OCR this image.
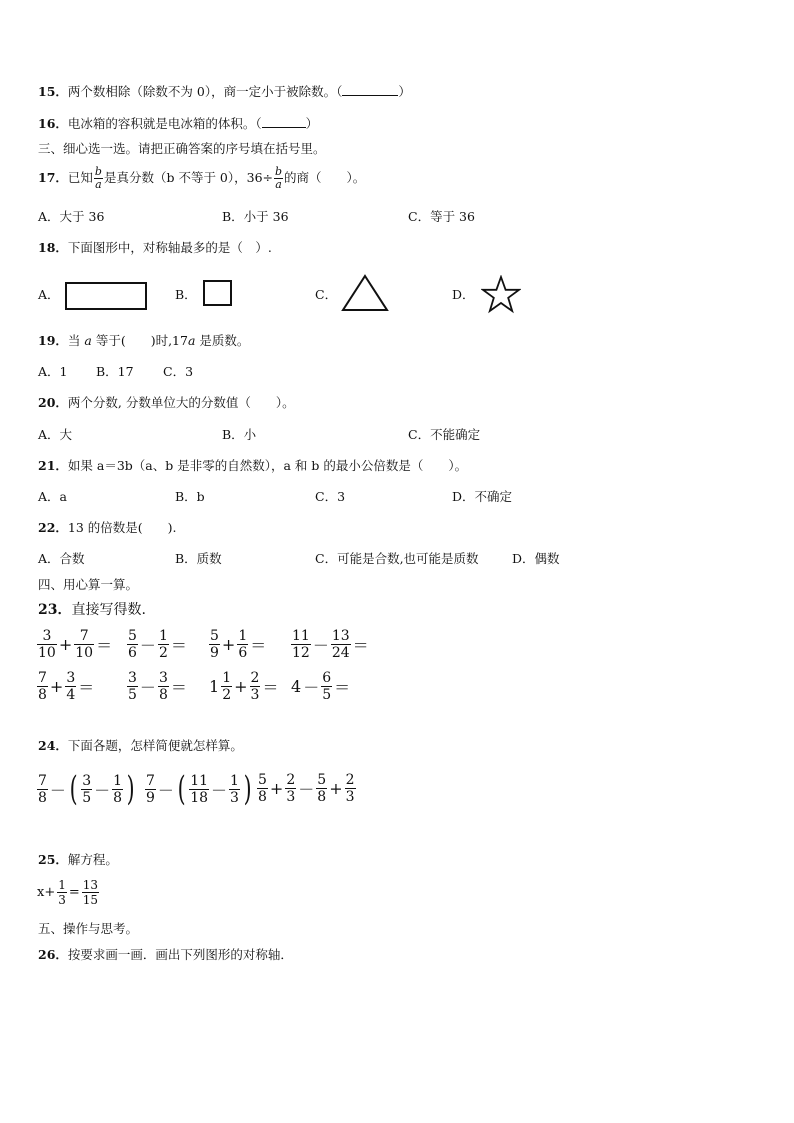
15．两个数相除（除数不为 0），商一定小于被除数。（	）
16．电冰箱的容积就是电冰箱的体积。（	）
三、细心选一选。请把正确答案的序号填在括号里。
17．已知 $\frac{b}{a}$ 是真分数（b 不等于 0），$36\div \frac{b}{a}$ 的商（　　）。
A．大于 36	B．小于 36	C．等于 36
18．下面图形中，对称轴最多的是（　）.
A．	B．	C．	D．
19．当 a 等于(　　)时,17a 是质数。
A．1 B．17 C．3
20．两个分数, 分数单位大的分数值（　　）。
A．大	B．小	C．不能确定
21．如果 a＝3b（a、b 是非零的自然数），a 和 b 的最小公倍数是（　　）。
A．a	B．b	C．3	D．不确定
22．13 的倍数是(　　).
A．合数	B．质数	C．可能是合数,也可能是质数	D．偶数
四、用心算一算。
23．直接写得数.
$\frac{3}{10} + \frac{7}{10} = \frac{5}{6} - \frac{1}{2} = \frac{5}{9} + \frac{1}{6} = \frac{11}{12} - \frac{13}{24}$ ＝
$\frac{7}{8} + \frac{3}{4} = \frac{3}{5} - \frac{3}{8} = 1 \frac{1}{2} + \frac{2}{3} = 4 - \frac{6}{5}$ ＝
24．下面各题，怎样简便就怎样算。
$\frac{7}{8}$ － ( $\frac{3}{5} - \frac{1}{8}$ ) $\frac{7}{9}$ － ( $\frac{11}{18} - \frac{1}{3}$ ) $\frac{5}{8} + \frac{2}{3} - \frac{5}{8} + \frac{2}{3}$
25．解方程。
$x+ \frac{1}{3} = \frac{13}{15}$
五、操作与思考。
26．按要求画一画．画出下列图形的对称轴．
